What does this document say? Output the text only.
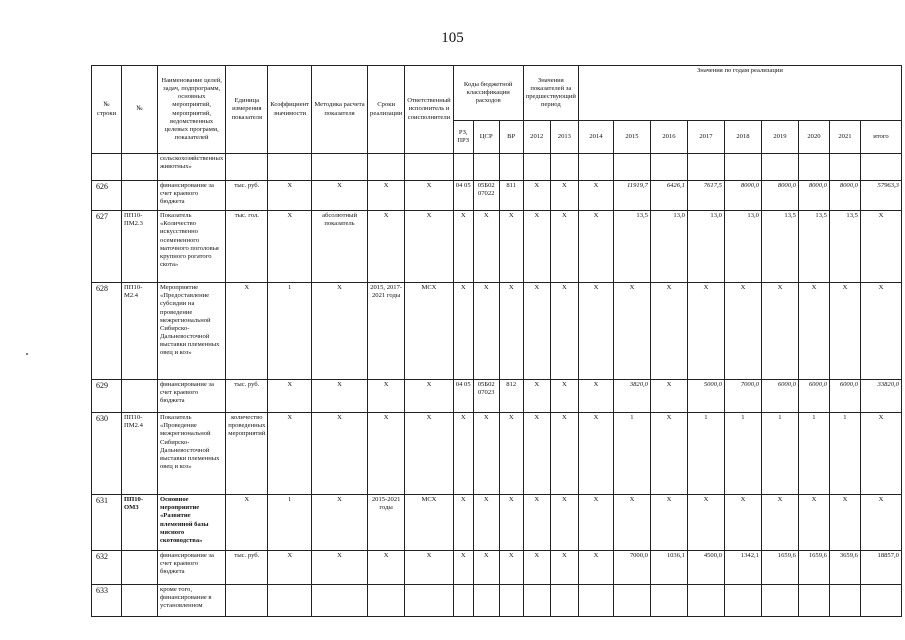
105
№ строки	№	Наименование целей, задач, подпрограмм, основных мероприятий, мероприятий, ведомственных целевых программ, показателей	Единица измерения показателя	Коэффициент значимости	Методика расчета показателя	Сроки реализации	Ответственный исполнитель и соисполнители	Коды бюджетной классификации расходов			Значения показателей за предшествующий период		Значения по годам реализации								
								РЗ, ПРЗ	ЦСР	ВР	2012	2013	2014	2015	2016	2017	2018	2019	2020	2021	итого
		сельскохозяйственных животных»																			
626		финансирование за счет краевого бюджета	тыс. руб.	X	X	X	X	04 05	05Б02 07022	811	X	X	X	11919,7	6426,1	7617,5	8000,0	8000,0	8000,0	8000,0	57963,3
627	ПП10-ПМ2.3	Показатель «Количество искусственно осемененного маточного поголовья крупного рогатого скота»	тыс. гол.	X	абсолютный показатель	X	X	X	X	X	X	X	X	13,5	13,0	13,0	13,0	13,5	13,5	13,5	X
628	ПП10-М2.4	Мероприятие «Предоставление субсидии на проведение межрегиональной Сибирско-Дальневосточной выставки племенных овец и коз»	X	1	X	2015, 2017-2021 годы	МСХ	X	X	X	X	X	X	X	X	X	X	X	X	X	X
629		финансирование за счет краевого бюджета	тыс. руб.	X	X	X	X	04 05	05Б02 07023	812	X	X	X	3820,0	X	5000,0	7000,0	6000,0	6000,0	6000,0	33820,0
630	ПП10-ПМ2.4	Показатель «Проведение межрегиональной Сибирско-Дальневосточной выставки племенных овец и коз»	количество проведенных мероприятий	X	X	X	X	X	X	X	X	X	X	1	X	1	1	1	1	1	X
631	ПП10-ОМ3	Основное мероприятие «Развитие племенной базы мясного скотоводства»	X	1	X	2015-2021 годы	МСХ	X	X	X	X	X	X	X	X	X	X	X	X	X	X
632		финансирование за счет краевого бюджета	тыс. руб.	X	X	X	X	X	X	X	X	X	X	7000,0	1036,1	4500,0	1342,1	1659,6	1659,6	3659,6	18857,0
633		кроме того, финансирование в установленном																			
